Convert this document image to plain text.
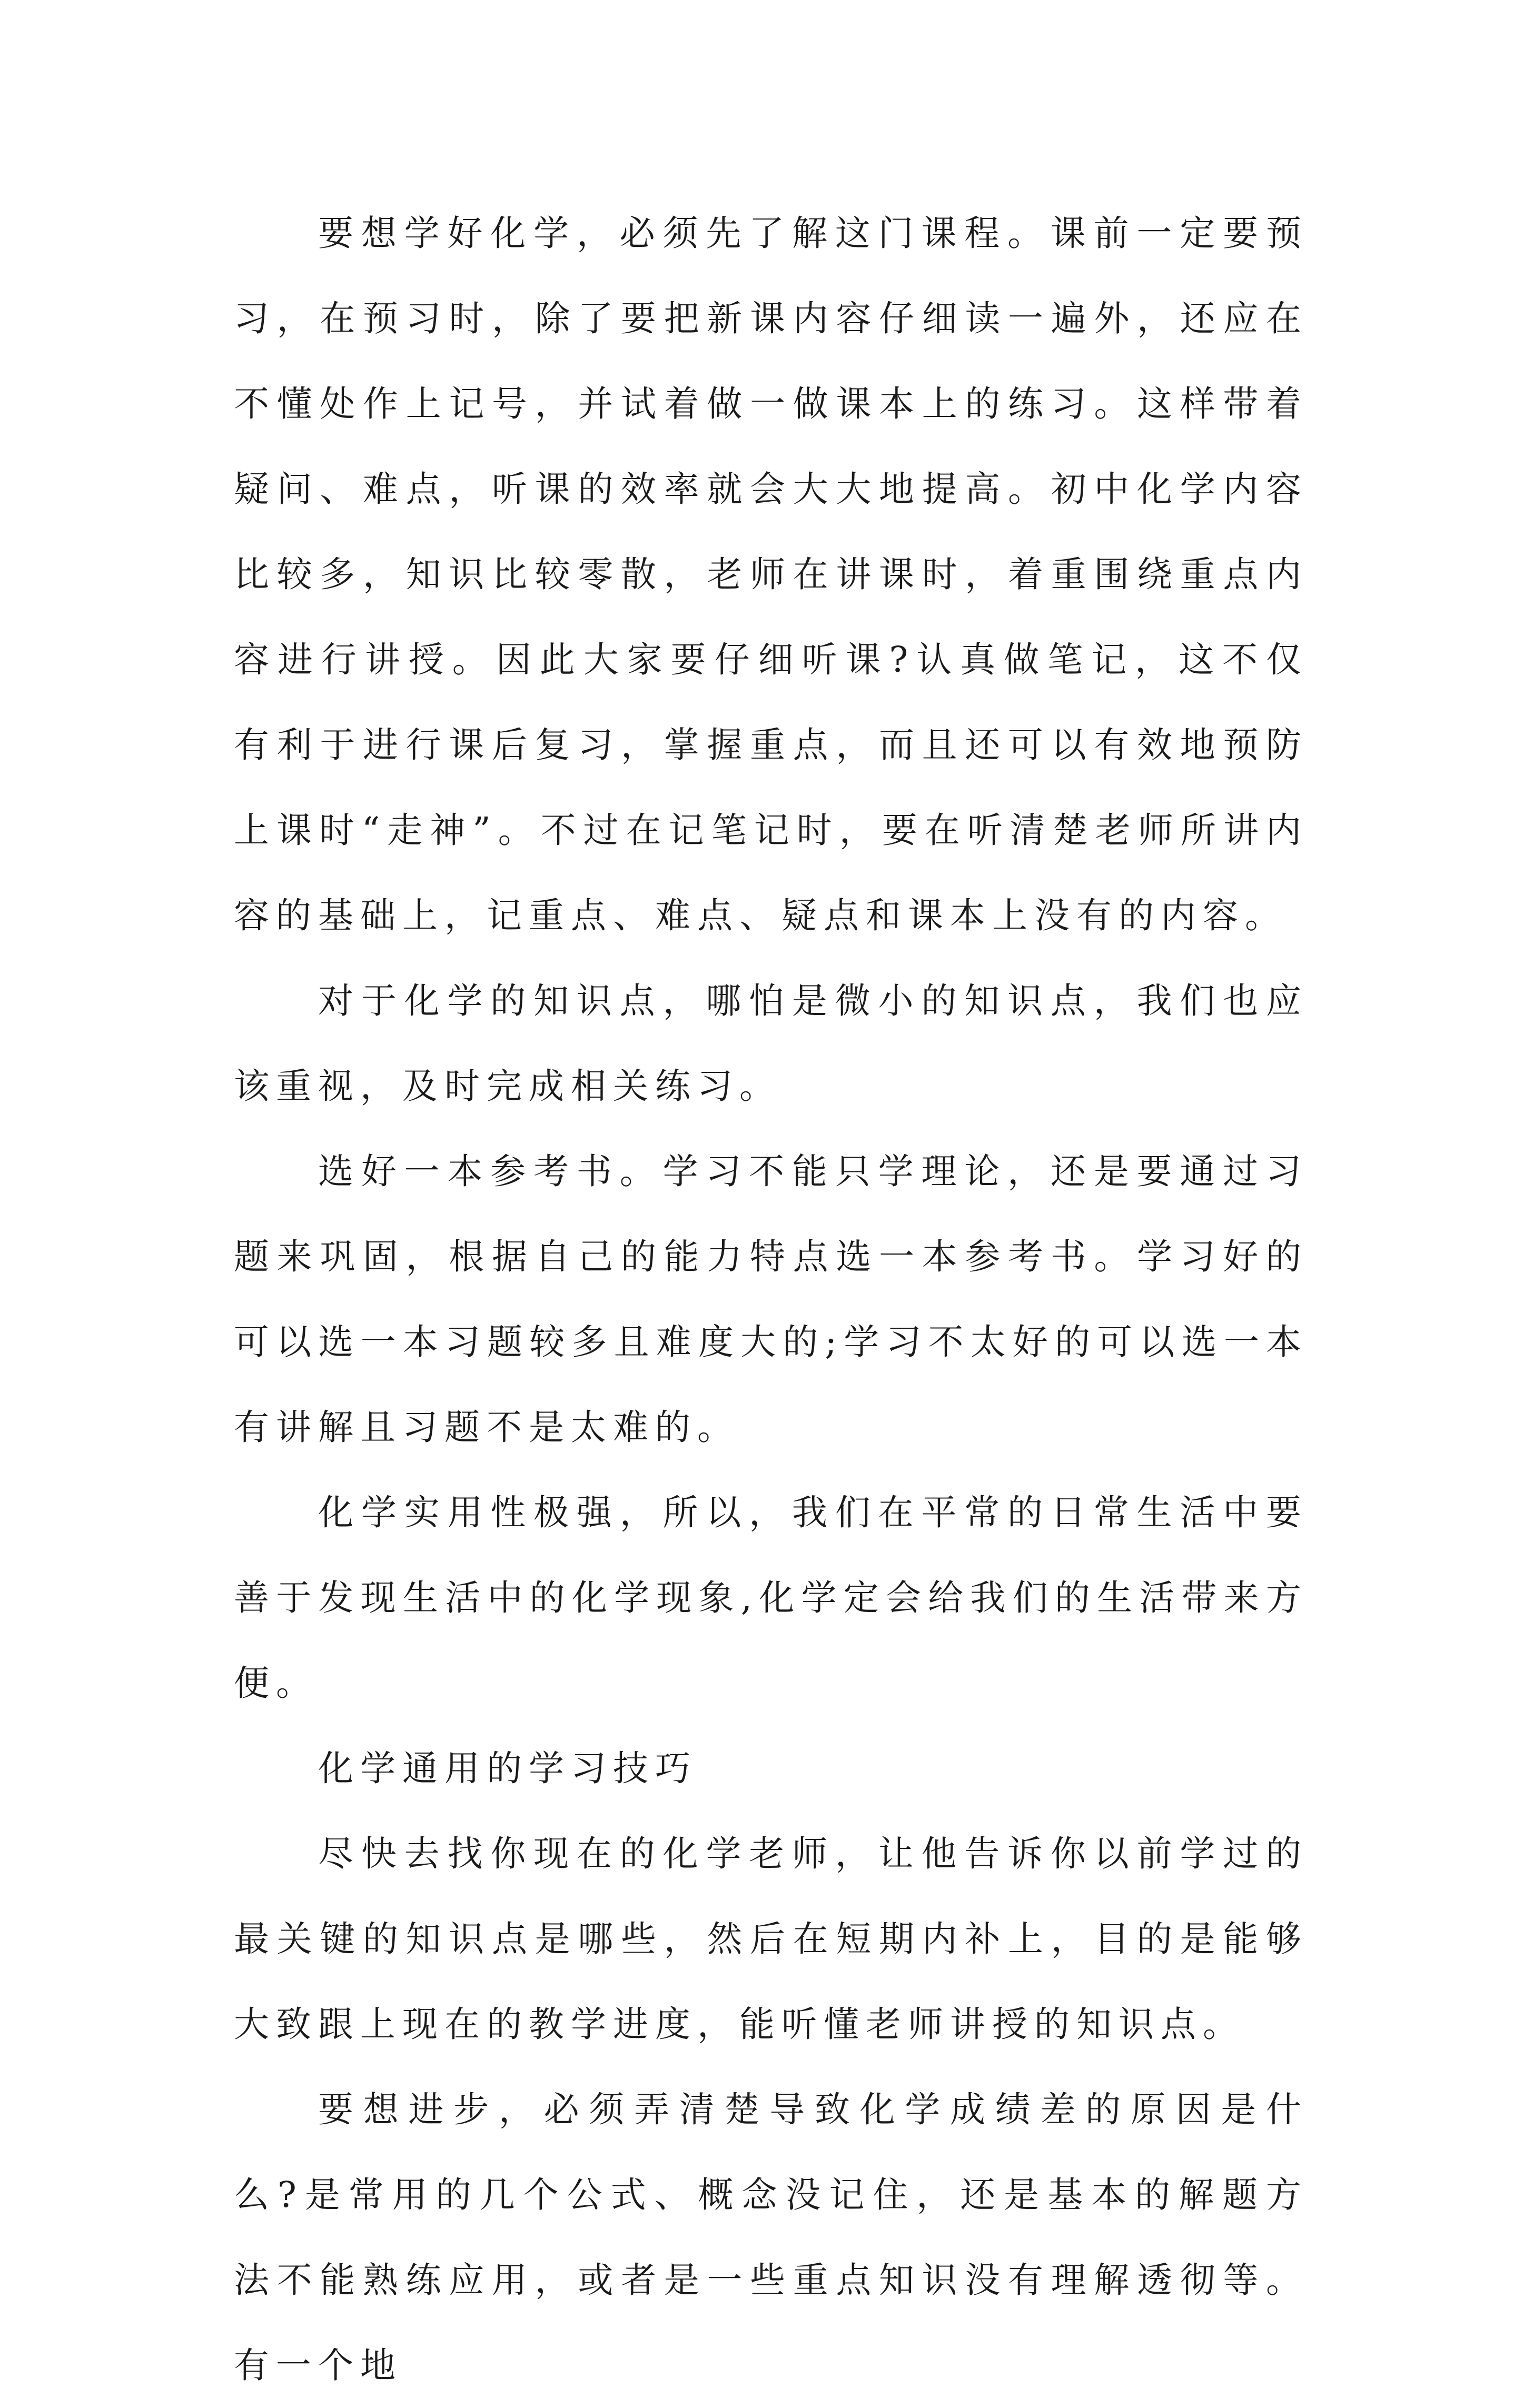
要想学好化学，必须先了解这门课程。课前一定要预习，在预习时，除了要把新课内容仔细读一遍外，还应在不懂处作上记号，并试着做一做课本上的练习。这样带着疑问、难点，听课的效率就会大大地提高。初中化学内容比较多，知识比较零散，老师在讲课时，着重围绕重点内容进行讲授。因此大家要仔细听课?认真做笔记，这不仅有利于进行课后复习，掌握重点，而且还可以有效地预防上课时“走神”。不过在记笔记时，要在听清楚老师所讲内容的基础上，记重点、难点、疑点和课本上没有的内容。

对于化学的知识点，哪怕是微小的知识点，我们也应该重视，及时完成相关练习。

选好一本参考书。学习不能只学理论，还是要通过习题来巩固，根据自己的能力特点选一本参考书。学习好的可以选一本习题较多且难度大的;学习不太好的可以选一本有讲解且习题不是太难的。

化学实用性极强，所以，我们在平常的日常生活中要善于发现生活中的化学现象,化学定会给我们的生活带来方便。

化学通用的学习技巧

尽快去找你现在的化学老师，让他告诉你以前学过的最关键的知识点是哪些，然后在短期内补上，目的是能够大致跟上现在的教学进度，能听懂老师讲授的知识点。

要想进步，必须弄清楚导致化学成绩差的原因是什么?是常用的几个公式、概念没记住，还是基本的解题方法不能熟练应用，或者是一些重点知识没有理解透彻等。有一个地
